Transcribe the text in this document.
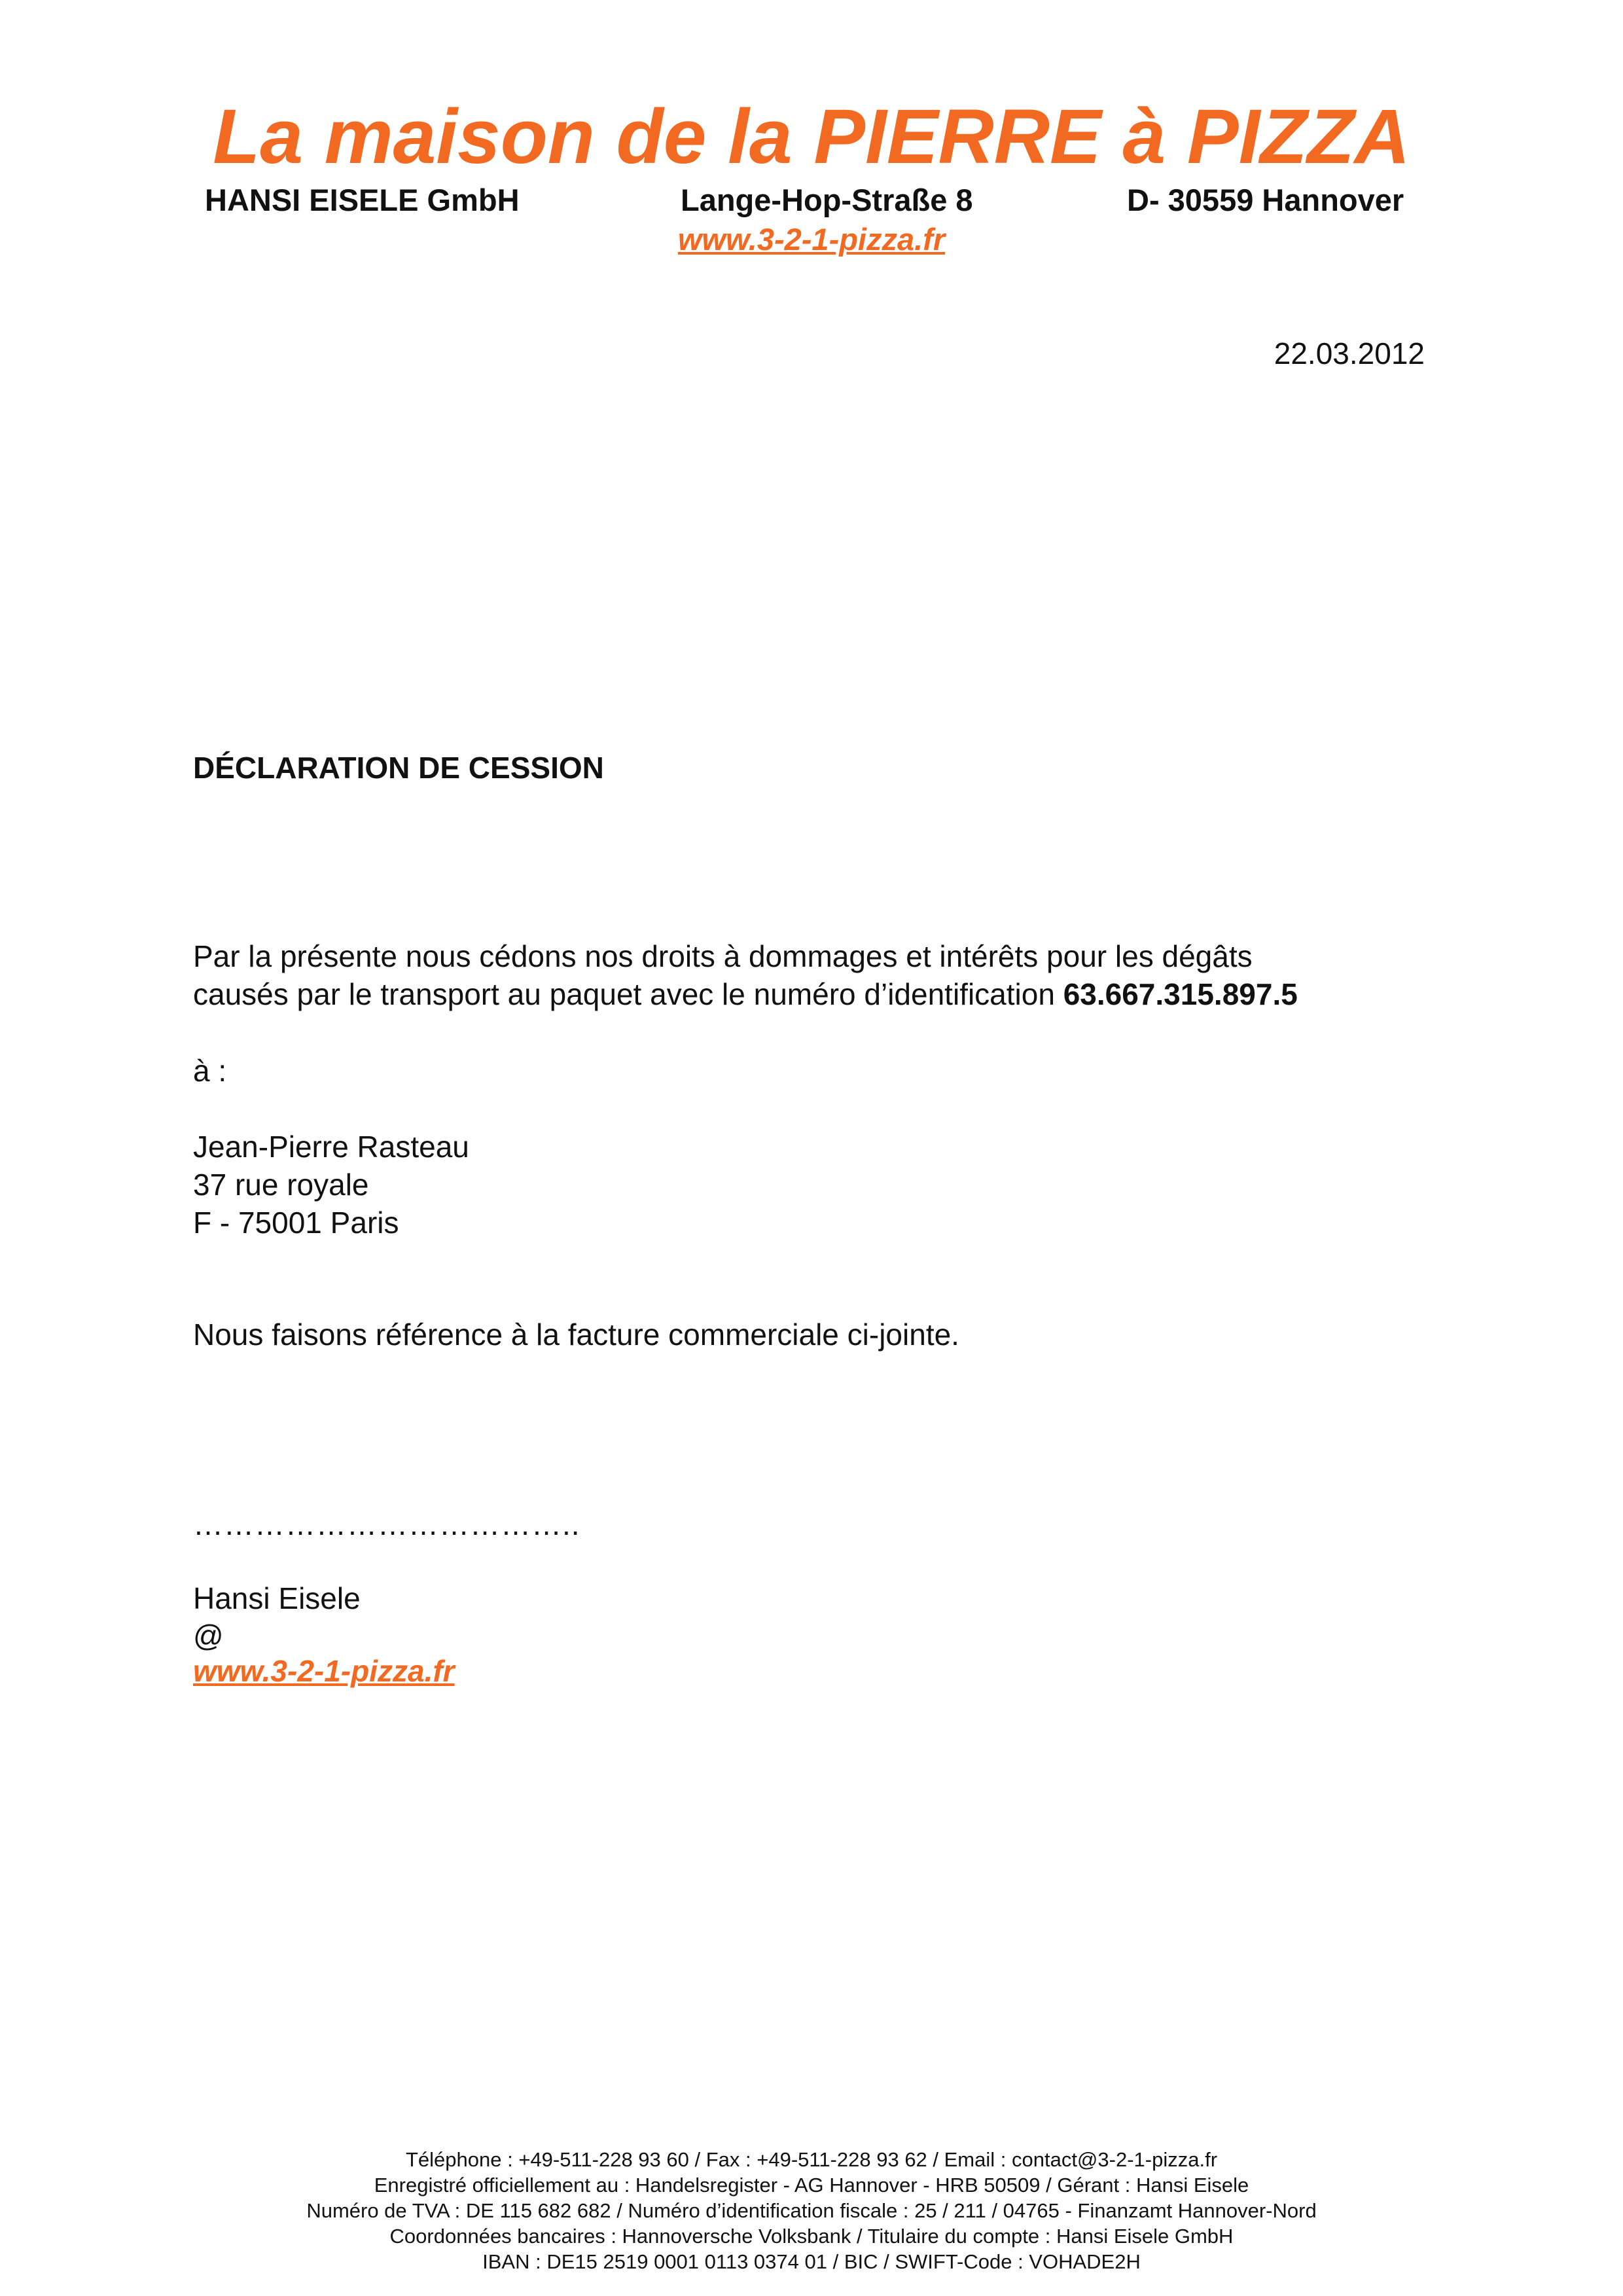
La maison de la PIERRE à PIZZA
HANSI EISELE GmbH	Lange-Hop-Straße 8	D- 30559 Hannover
www.3-2-1-pizza.fr
22.03.2012
DÉCLARATION DE CESSION
Par la présente nous cédons nos droits à dommages et intérêts pour les dégâts
causés par le transport au paquet avec le numéro d’identification 63.667.315.897.5
à :
Jean-Pierre Rasteau
37 rue royale
F - 75001 Paris
Nous faisons référence à la facture commerciale ci-jointe.
………………………………..
Hansi Eisele
@
www.3-2-1-pizza.fr
Téléphone : +49-511-228 93 60 / Fax : +49-511-228 93 62 / Email : contact@3-2-1-pizza.fr
Enregistré officiellement au : Handelsregister - AG Hannover - HRB 50509 / Gérant : Hansi Eisele
Numéro de TVA : DE 115 682 682 / Numéro d’identification fiscale : 25 / 211 / 04765 - Finanzamt Hannover-Nord
Coordonnées bancaires : Hannoversche Volksbank / Titulaire du compte : Hansi Eisele GmbH
IBAN : DE15 2519 0001 0113 0374 01 / BIC / SWIFT-Code : VOHADE2H
